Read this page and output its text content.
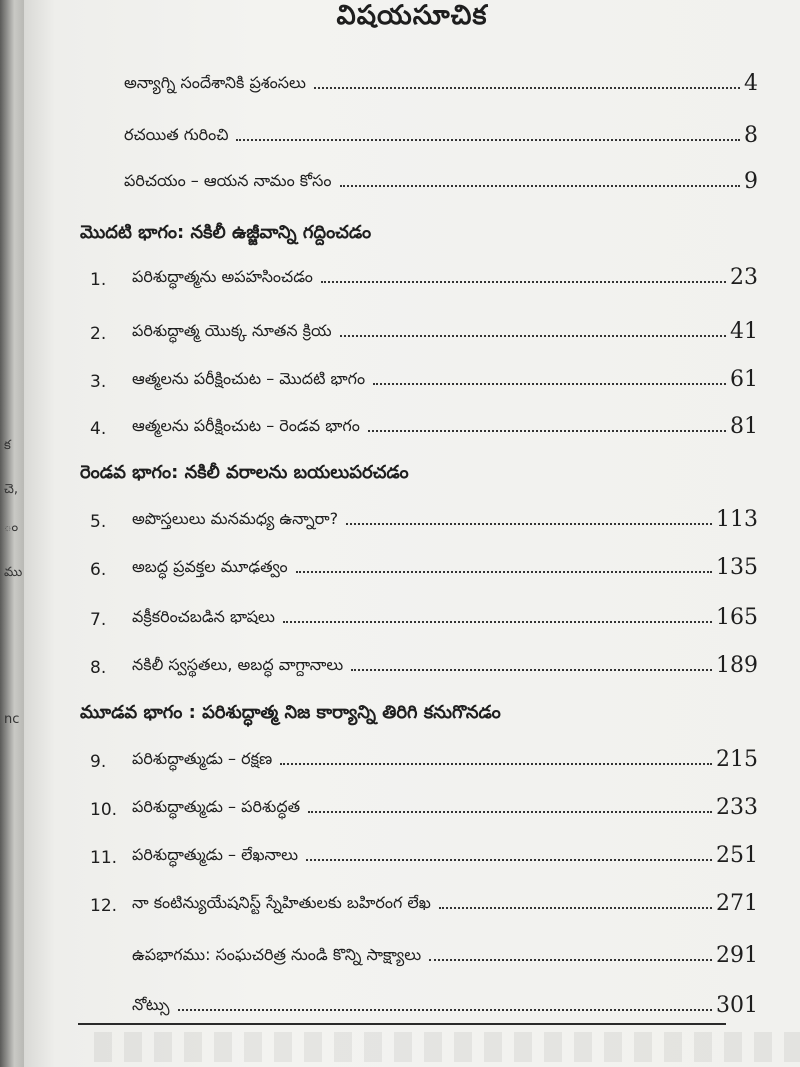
క
చె,
ం
ము
nc
విషయసూచిక
అన్యాగ్ని సందేశానికి ప్రశంసలు	4
రచయిత గురించి	8
పరిచయం – ఆయన నామం కోసం	9
మొదటి భాగం: నకిలీ ఉజ్జీవాన్ని గద్దించడం
1.	పరిశుద్ధాత్మను అపహసించడం	23
2.	పరిశుద్ధాత్మ యొక్క నూతన క్రియ	41
3.	ఆత్మలను పరీక్షించుట – మొదటి భాగం	61
4.	ఆత్మలను పరీక్షించుట – రెండవ భాగం	81
రెండవ భాగం: నకిలీ వరాలను బయలుపరచడం
5.	అపొస్తలులు మనమధ్య ఉన్నారా?	113
6.	అబద్ధ ప్రవక్తల మూఢత్వం	135
7.	వక్రీకరించబడిన భాషలు	165
8.	నకిలీ స్వస్థతలు, అబద్ధ వాగ్దానాలు	189
మూడవ భాగం : పరిశుద్ధాత్మ నిజ కార్యాన్ని తిరిగి కనుగొనడం
9.	పరిశుద్ధాత్ముడు – రక్షణ	215
10. పరిశుద్ధాత్ముడు – పరిశుద్ధత	233
11. పరిశుద్ధాత్ముడు – లేఖనాలు	251
12. నా కంటిన్యుయేషనిస్ట్ స్నేహితులకు బహిరంగ లేఖ	271
ఉపభాగము: సంఘచరిత్ర నుండి కొన్ని సాక్ష్యాలు	291
నోట్సు	301
